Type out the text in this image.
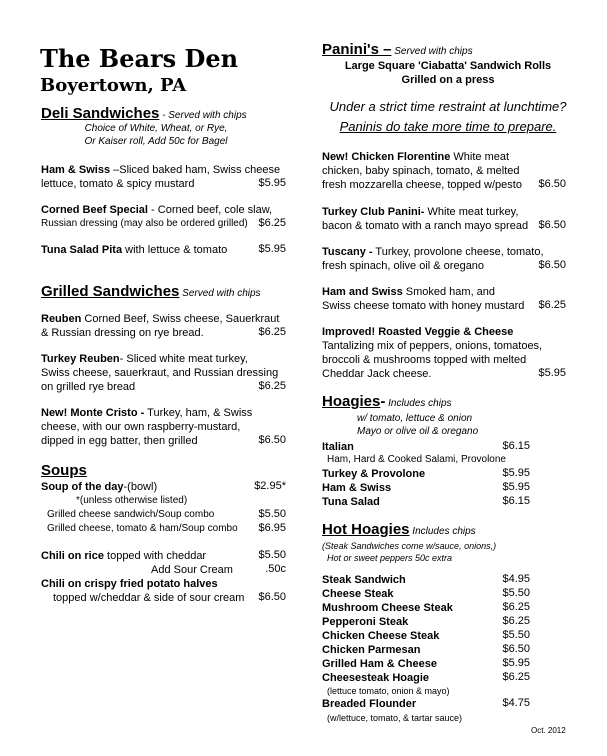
The Bears Den
Boyertown, PA
Deli Sandwiches - Served with chips
Choice of White, Wheat, or Rye,
Or Kaiser roll, Add 50c for Bagel
Ham & Swiss –Sliced baked ham, Swiss cheese
lettuce, tomato & spicy mustard	$5.95
Corned Beef Special - Corned beef, cole slaw,
Russian dressing (may also be ordered grilled) $6.25
Tuna Salad Pita with lettuce & tomato	$5.95
Grilled Sandwiches Served with chips
Reuben Corned Beef, Swiss cheese, Sauerkraut
& Russian dressing on rye bread.	$6.25
Turkey Reuben- Sliced white meat turkey,
Swiss cheese, sauerkraut, and Russian dressing
on grilled rye bread	$6.25
New! Monte Cristo - Turkey, ham, & Swiss
cheese, with our own raspberry-mustard,
dipped in egg batter, then grilled	$6.50
Soups
Soup of the day-(bowl)	$2.95*
*(unless otherwise listed)
Grilled cheese sandwich/Soup combo	$5.50
Grilled cheese, tomato & ham/Soup combo	$6.95
Chili on rice topped with cheddar	$5.50
Add Sour Cream	.50c
Chili on crispy fried potato halves
topped w/cheddar & side of sour cream	$6.50
Panini's – Served with chips
Large Square 'Ciabatta' Sandwich Rolls
Grilled on a press
Under a strict time restraint at lunchtime?
Paninis do take more time to prepare.
New! Chicken Florentine White meat
chicken, baby spinach, tomato, & melted
fresh mozzarella cheese, topped w/pesto	$6.50
Turkey Club Panini- White meat turkey,
bacon & tomato with a ranch mayo spread $6.50
Tuscany - Turkey, provolone cheese, tomato,
fresh spinach, olive oil & oregano	$6.50
Ham and Swiss Smoked ham, and
Swiss cheese tomato with honey mustard	$6.25
Improved! Roasted Veggie & Cheese
Tantalizing mix of peppers, onions, tomatoes,
broccoli & mushrooms topped with melted
Cheddar Jack cheese.	$5.95
Hoagies- Includes chips
w/ tomato, lettuce & onion
Mayo or olive oil & oregano
Italian	$6.15
Ham, Hard & Cooked Salami, Provolone
Turkey & Provolone	$5.95
Ham & Swiss	$5.95
Tuna Salad	$6.15
Hot Hoagies Includes chips
(Steak Sandwiches come w/sauce, onions,)
Hot or sweet peppers 50c extra
Steak Sandwich	$4.95
Cheese Steak	$5.50
Mushroom Cheese Steak	$6.25
Pepperoni Steak	$6.25
Chicken Cheese Steak	$5.50
Chicken Parmesan	$6.50
Grilled Ham & Cheese	$5.95
Cheesesteak Hoagie	$6.25
(lettuce tomato, onion & mayo)
Breaded Flounder	$4.75
(w/lettuce, tomato, & tartar sauce)
Oct. 2012
